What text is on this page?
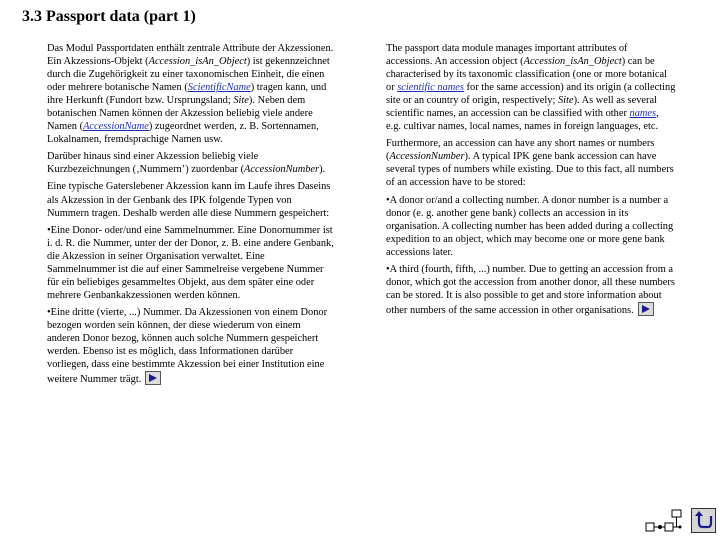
3.3 Passport data (part 1)

Das Modul Passportdaten enthält zentrale Attribute der Akzessionen. Ein Akzessions-Objekt (Accession_isAn_Object) ist gekennzeichnet durch die Zugehörigkeit zu einer taxonomischen Einheit, die einen oder mehrere botanische Namen (ScientificName) tragen kann, und ihre Herkunft (Fundort bzw. Ursprungsland; Site). Neben dem botanischen Namen können der Akzession beliebig viele andere Namen (AccessionName) zugeordnet werden, z. B. Sortennamen, Lokalnamen, fremdsprachige Namen usw.

Darüber hinaus sind einer Akzession beliebig viele Kurzbezeichnungen (‚Nummern’) zuordenbar (AccessionNumber).

Eine typische Gaterslebener Akzession kann im Laufe ihres Daseins als Akzession in der Genbank des IPK folgende Typen von Nummern tragen. Deshalb werden alle diese Nummern gespeichert:

•Eine Donor- oder/und eine Sammelnummer. Eine Donornummer ist i. d. R. die Nummer, unter der der Donor, z. B. eine andere Genbank, die Akzession in seiner Organisation verwaltet. Eine Sammelnummer ist die auf einer Sammelreise vergebene Nummer für ein beliebiges gesammeltes Objekt, aus dem später eine oder mehrere Genbankakzessionen werden können.

•Eine dritte (vierte, ...) Nummer. Da Akzessionen von einem Donor bezogen worden sein können, der diese wiederum von einem anderen Donor bezog, können auch solche Nummern gespeichert werden. Ebenso ist es möglich, dass Informationen darüber vorliegen, dass eine bestimmte Akzession bei einer Institution eine weitere Nummer trägt.

The passport data module manages important attributes of accessions. An accession object (Accession_isAn_Object) can be characterised by its taxonomic classification (one or more botanical or scientific names for the same accession) and its origin (a collecting site or an country of origin, respectively; Site). As well as several scientific names, an accession can be classified with other names, e.g. cultivar names, local names, names in foreign languages, etc.

Furthermore, an accession can have any short names or numbers (AccessionNumber). A typical IPK gene bank accession can have several types of numbers while existing. Due to this fact, all numbers of an accession have to be stored:

•A donor or/and a collecting number. A donor number is a number a donor (e. g. another gene bank) collects an accession in its organisation. A collecting number has been added during a collecting expedition to an object, which may become one or more gene bank accessions later.

•A third (fourth, fifth, ...) number. Due to getting an accession from a donor, which got the accession from another donor, all these numbers can be stored. It is also possible to get and store information about other numbers of the same accession in other organisations.
